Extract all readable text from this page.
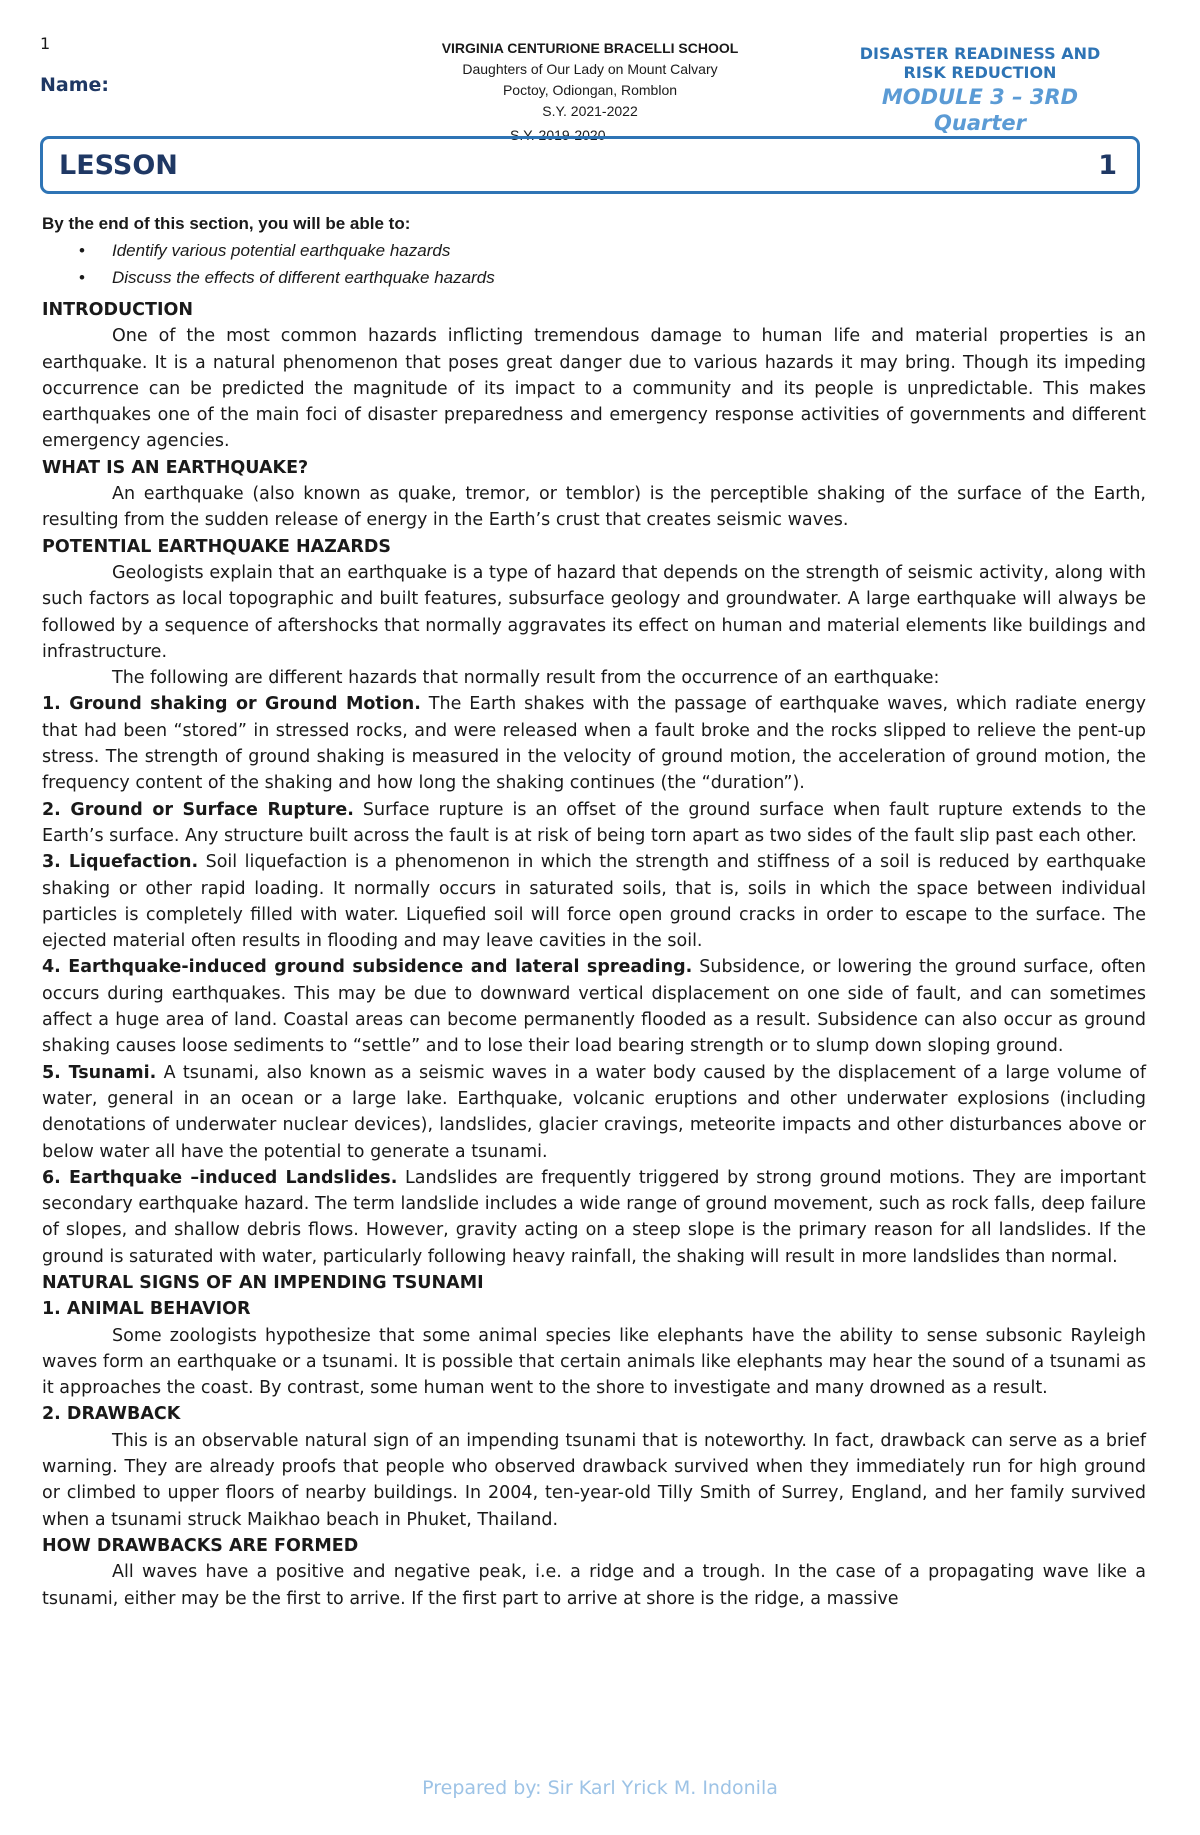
1
Name:
VIRGINIA CENTURIONE BRACELLI SCHOOL
Daughters of Our Lady on Mount Calvary
Poctoy, Odiongan, Romblon
S.Y. 2021-2022
S.Y. 2019-2020
DISASTER READINESS AND
RISK REDUCTION
MODULE 3 – 3RD
Quarter
LESSON	1
By the end of this section, you will be able to:
• Identify various potential earthquake hazards
• Discuss the effects of different earthquake hazards
INTRODUCTION

One of the most common hazards inflicting tremendous damage to human life and material properties is an earthquake. It is a natural phenomenon that poses great danger due to various hazards it may bring. Though its impeding occurrence can be predicted the magnitude of its impact to a community and its people is unpredictable. This makes earthquakes one of the main foci of disaster preparedness and emergency response activities of governments and different emergency agencies.

WHAT IS AN EARTHQUAKE?

An earthquake (also known as quake, tremor, or temblor) is the perceptible shaking of the surface of the Earth, resulting from the sudden release of energy in the Earth’s crust that creates seismic waves.

POTENTIAL EARTHQUAKE HAZARDS

Geologists explain that an earthquake is a type of hazard that depends on the strength of seismic activity, along with such factors as local topographic and built features, subsurface geology and groundwater. A large earthquake will always be followed by a sequence of aftershocks that normally aggravates its effect on human and material elements like buildings and infrastructure.

The following are different hazards that normally result from the occurrence of an earthquake:

1. Ground shaking or Ground Motion. The Earth shakes with the passage of earthquake waves, which radiate energy that had been “stored” in stressed rocks, and were released when a fault broke and the rocks slipped to relieve the pent-up stress. The strength of ground shaking is measured in the velocity of ground motion, the acceleration of ground motion, the frequency content of the shaking and how long the shaking continues (the “duration”).

2. Ground or Surface Rupture. Surface rupture is an offset of the ground surface when fault rupture extends to the Earth’s surface. Any structure built across the fault is at risk of being torn apart as two sides of the fault slip past each other.

3. Liquefaction. Soil liquefaction is a phenomenon in which the strength and stiffness of a soil is reduced by earthquake shaking or other rapid loading. It normally occurs in saturated soils, that is, soils in which the space between individual particles is completely filled with water. Liquefied soil will force open ground cracks in order to escape to the surface. The ejected material often results in flooding and may leave cavities in the soil.

4. Earthquake-induced ground subsidence and lateral spreading. Subsidence, or lowering the ground surface, often occurs during earthquakes. This may be due to downward vertical displacement on one side of fault, and can sometimes affect a huge area of land. Coastal areas can become permanently flooded as a result. Subsidence can also occur as ground shaking causes loose sediments to “settle” and to lose their load bearing strength or to slump down sloping ground.

5. Tsunami. A tsunami, also known as a seismic waves in a water body caused by the displacement of a large volume of water, general in an ocean or a large lake. Earthquake, volcanic eruptions and other underwater explosions (including denotations of underwater nuclear devices), landslides, glacier cravings, meteorite impacts and other disturbances above or below water all have the potential to generate a tsunami.

6. Earthquake –induced Landslides. Landslides are frequently triggered by strong ground motions. They are important secondary earthquake hazard. The term landslide includes a wide range of ground movement, such as rock falls, deep failure of slopes, and shallow debris flows. However, gravity acting on a steep slope is the primary reason for all landslides. If the ground is saturated with water, particularly following heavy rainfall, the shaking will result in more landslides than normal.

NATURAL SIGNS OF AN IMPENDING TSUNAMI
1. ANIMAL BEHAVIOR

Some zoologists hypothesize that some animal species like elephants have the ability to sense subsonic Rayleigh waves form an earthquake or a tsunami. It is possible that certain animals like elephants may hear the sound of a tsunami as it approaches the coast. By contrast, some human went to the shore to investigate and many drowned as a result.

2. DRAWBACK

This is an observable natural sign of an impending tsunami that is noteworthy. In fact, drawback can serve as a brief warning. They are already proofs that people who observed drawback survived when they immediately run for high ground or climbed to upper floors of nearby buildings. In 2004, ten-year-old Tilly Smith of Surrey, England, and her family survived when a tsunami struck Maikhao beach in Phuket, Thailand.

HOW DRAWBACKS ARE FORMED

All waves have a positive and negative peak, i.e. a ridge and a trough. In the case of a propagating wave like a tsunami, either may be the first to arrive. If the first part to arrive at shore is the ridge, a massive

Prepared by: Sir Karl Yrick M. Indonila
